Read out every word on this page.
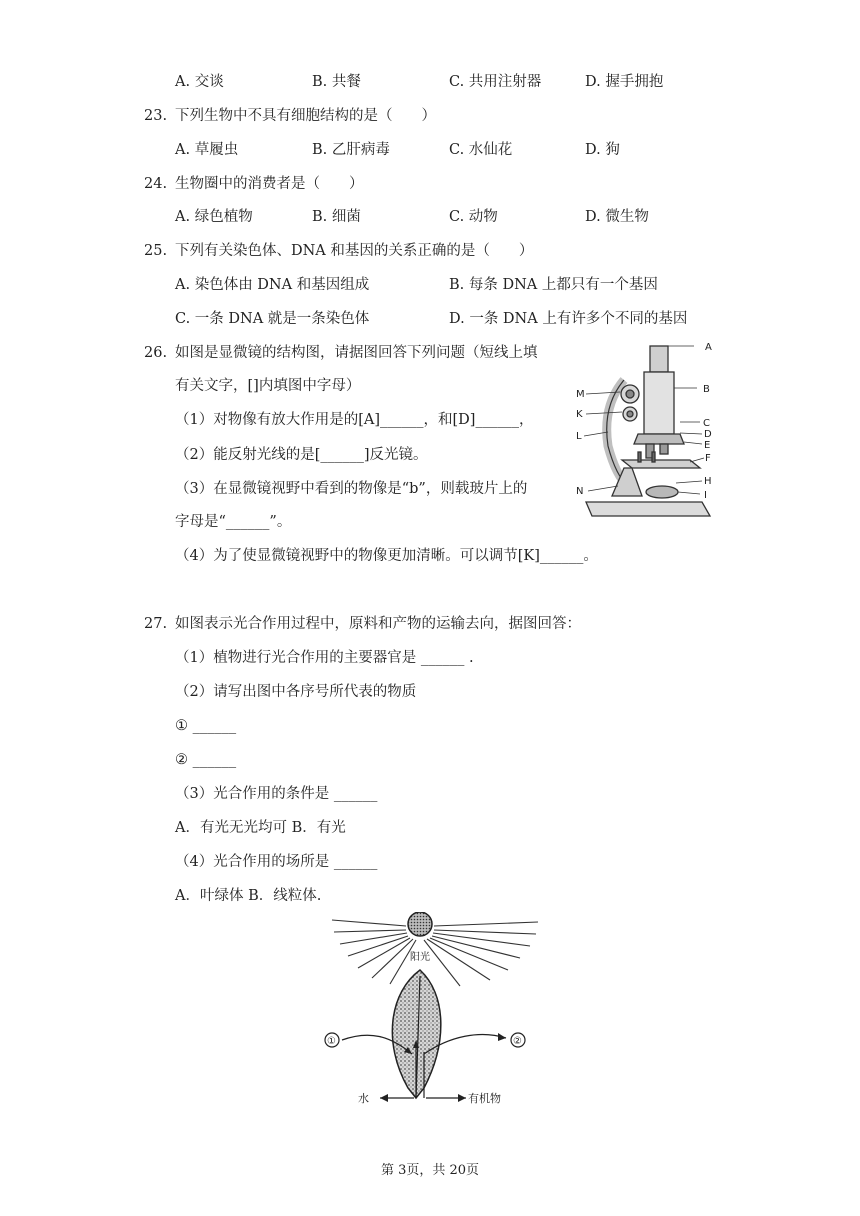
A. 交谈	B. 共餐	C. 共用注射器	D. 握手拥抱
23. 下列生物中不具有细胞结构的是（　　）
A. 草履虫	B. 乙肝病毒	C. 水仙花	D. 狗
24. 生物圈中的消费者是（　　）
A. 绿色植物	B. 细菌	C. 动物	D. 微生物
25. 下列有关染色体、DNA 和基因的关系正确的是（　　）
A. 染色体由 DNA 和基因组成	B. 每条 DNA 上都只有一个基因
C. 一条 DNA 就是一条染色体	D. 一条 DNA 上有许多个不同的基因
26. 如图是显微镜的结构图，请据图回答下列问题（短线上填
有关文字，[]内填图中字母）
（1）对物像有放大作用是的[A]______，和[D]______，
（2）能反射光线的是[______]反光镜。
（3）在显微镜视野中看到的物像是“b”，则载玻片上的
字母是“______”。
（4）为了使显微镜视野中的物像更加清晰。可以调节[K]______。
A
B
M
K
C
D
E
F
L
H
N	I
27. 如图表示光合作用过程中，原料和产物的运输去向，据图回答：
（1）植物进行光合作用的主要器官是 ______ .
（2）请写出图中各序号所代表的物质
① ______
② ______
（3）光合作用的条件是 ______
A．有光无光均可 B．有光
（4）光合作用的场所是 ______
A．叶绿体 B．线粒体.
阳光
①	②
水	有机物
第 3页，共 20页
